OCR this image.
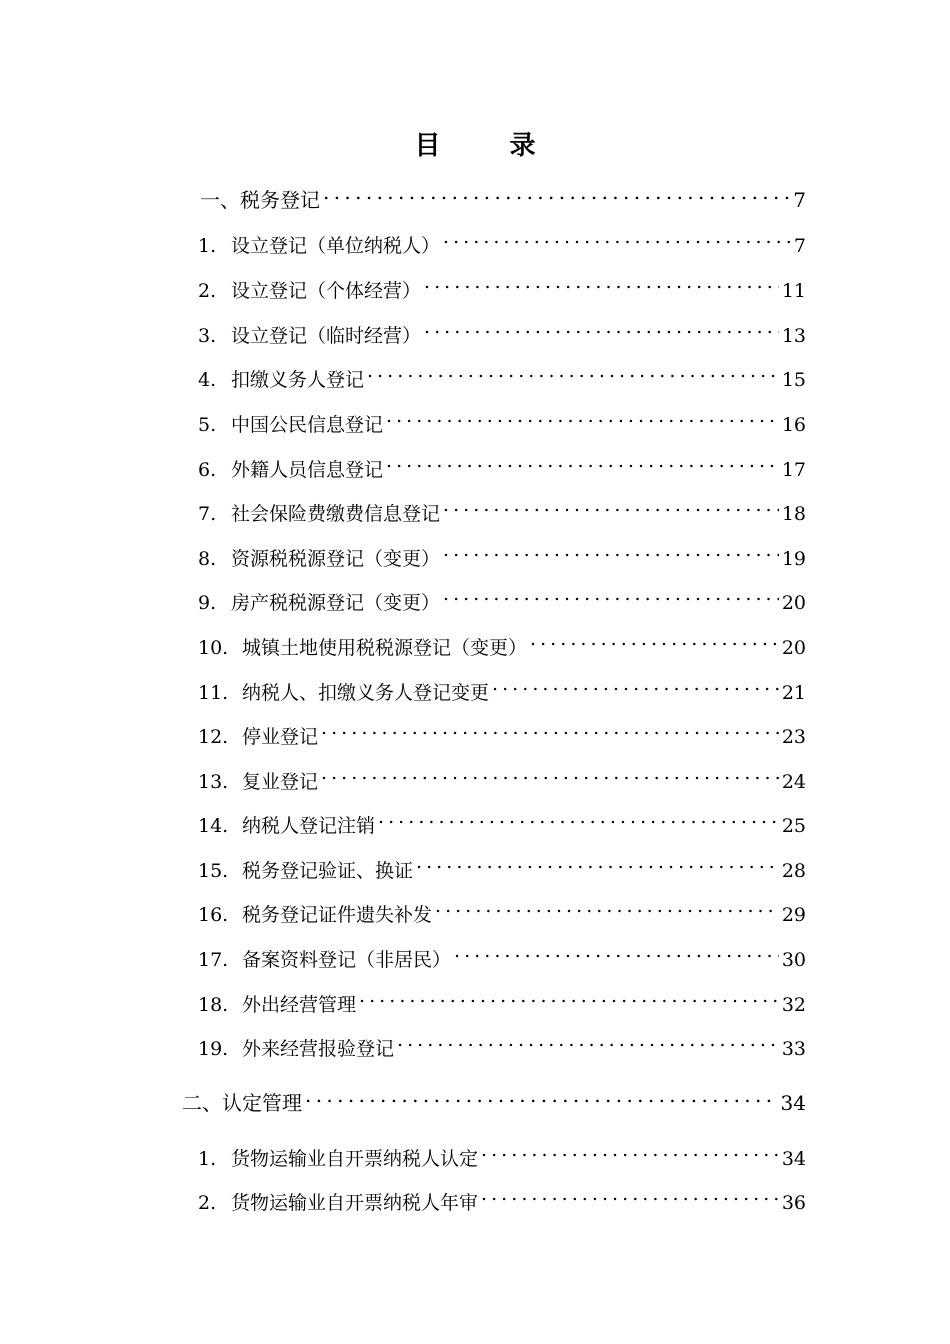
目 录
一、 税务登记 . . .	7
1. 设立登记（单位纳税人） . . .	7
2. 设立登记（个体经营） . . .	11
3. 设立登记（临时经营） . . .	13
4. 扣缴义务人登记 . . .	15
5. 中国公民信息登记 . . .	16
6. 外籍人员信息登记 . . .	17
7. 社会保险费缴费信息登记 . . .	18
8. 资源税税源登记（变更） . . .	19
9. 房产税税源登记（变更） . . .	20
10. 城镇土地使用税税源登记（变更） . . .	20
11. 纳税人、扣缴义务人登记变更 . . .	21
12. 停业登记 . . .	23
13. 复业登记 . . .	24
14. 纳税人登记注销 . . .	25
15. 税务登记验证、换证 . . .	28
16. 税务登记证件遗失补发 . . .	29
17. 备案资料登记（非居民） . . .	30
18. 外出经营管理 . . .	32
19. 外来经营报验登记 . . .	33
二、 认定管理 . . .	34
1. 货物运输业自开票纳税人认定 . . .	34
2. 货物运输业自开票纳税人年审 . . .	36
